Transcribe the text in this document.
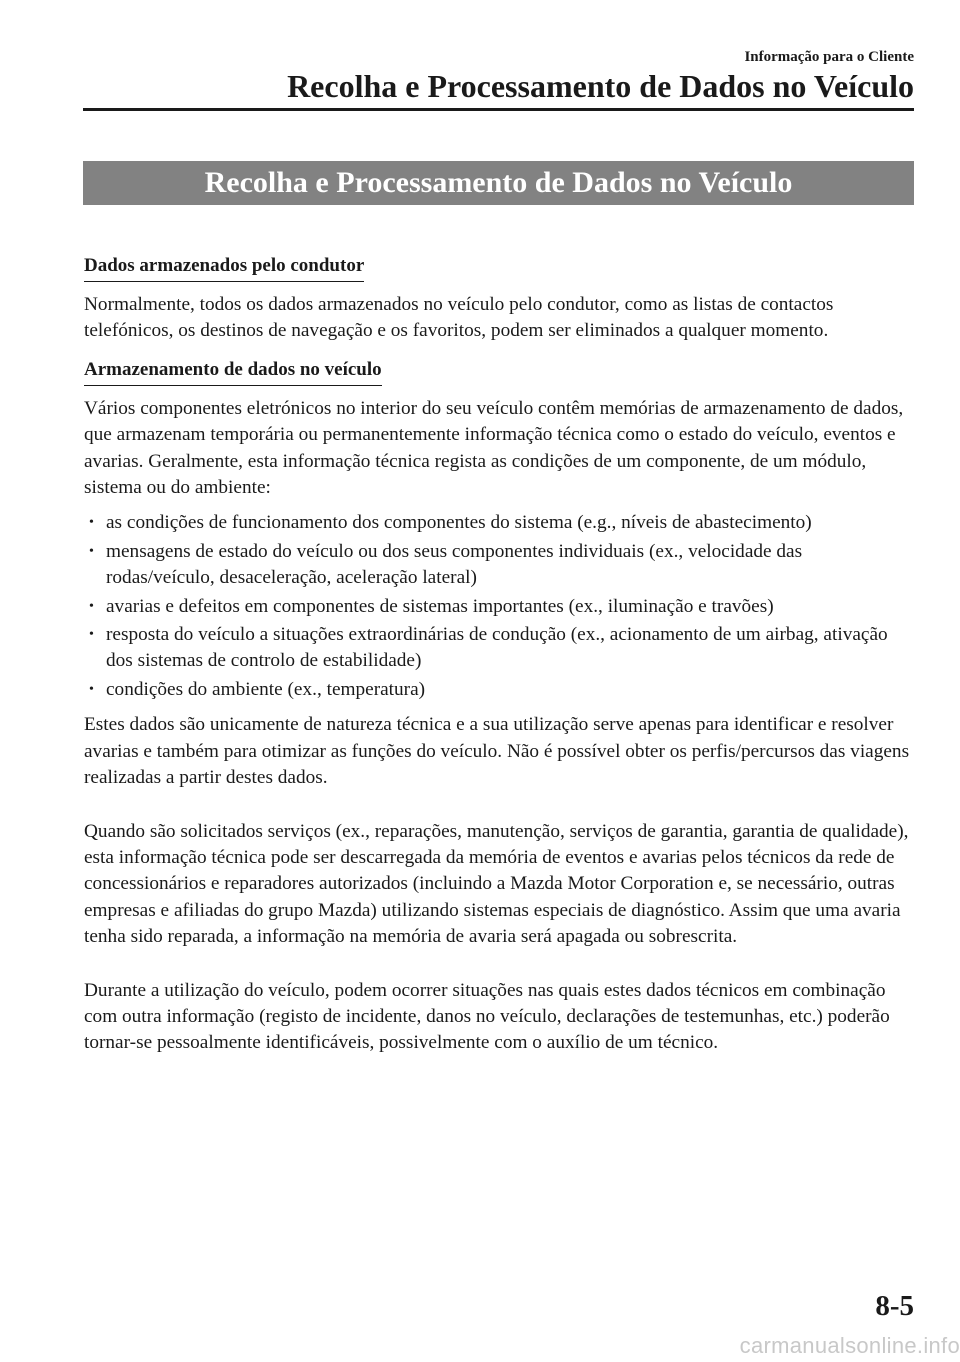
Informação para o Cliente
Recolha e Processamento de Dados no Veículo
Recolha e Processamento de Dados no Veículo
Dados armazenados pelo condutor

Normalmente, todos os dados armazenados no veículo pelo condutor, como as listas de contactos telefónicos, os destinos de navegação e os favoritos, podem ser eliminados a qualquer momento.

Armazenamento de dados no veículo

Vários componentes eletrónicos no interior do seu veículo contêm memórias de armazenamento de dados, que armazenam temporária ou permanentemente informação técnica como o estado do veículo, eventos e avarias. Geralmente, esta informação técnica regista as condições de um componente, de um módulo, sistema ou do ambiente:

• as condições de funcionamento dos componentes do sistema (e.g., níveis de abastecimento)
• mensagens de estado do veículo ou dos seus componentes individuais (ex., velocidade das rodas/veículo, desaceleração, aceleração lateral)
• avarias e defeitos em componentes de sistemas importantes (ex., iluminação e travões)
• resposta do veículo a situações extraordinárias de condução (ex., acionamento de um airbag, ativação dos sistemas de controlo de estabilidade)
• condições do ambiente (ex., temperatura)

Estes dados são unicamente de natureza técnica e a sua utilização serve apenas para identificar e resolver avarias e também para otimizar as funções do veículo. Não é possível obter os perfis/percursos das viagens realizadas a partir destes dados.

Quando são solicitados serviços (ex., reparações, manutenção, serviços de garantia, garantia de qualidade), esta informação técnica pode ser descarregada da memória de eventos e avarias pelos técnicos da rede de concessionários e reparadores autorizados (incluindo a Mazda Motor Corporation e, se necessário, outras empresas e afiliadas do grupo Mazda) utilizando sistemas especiais de diagnóstico. Assim que uma avaria tenha sido reparada, a informação na memória de avaria será apagada ou sobrescrita.

Durante a utilização do veículo, podem ocorrer situações nas quais estes dados técnicos em combinação com outra informação (registo de incidente, danos no veículo, declarações de testemunhas, etc.) poderão tornar-se pessoalmente identificáveis, possivelmente com o auxílio de um técnico.

8-5
carmanualsonline.info
